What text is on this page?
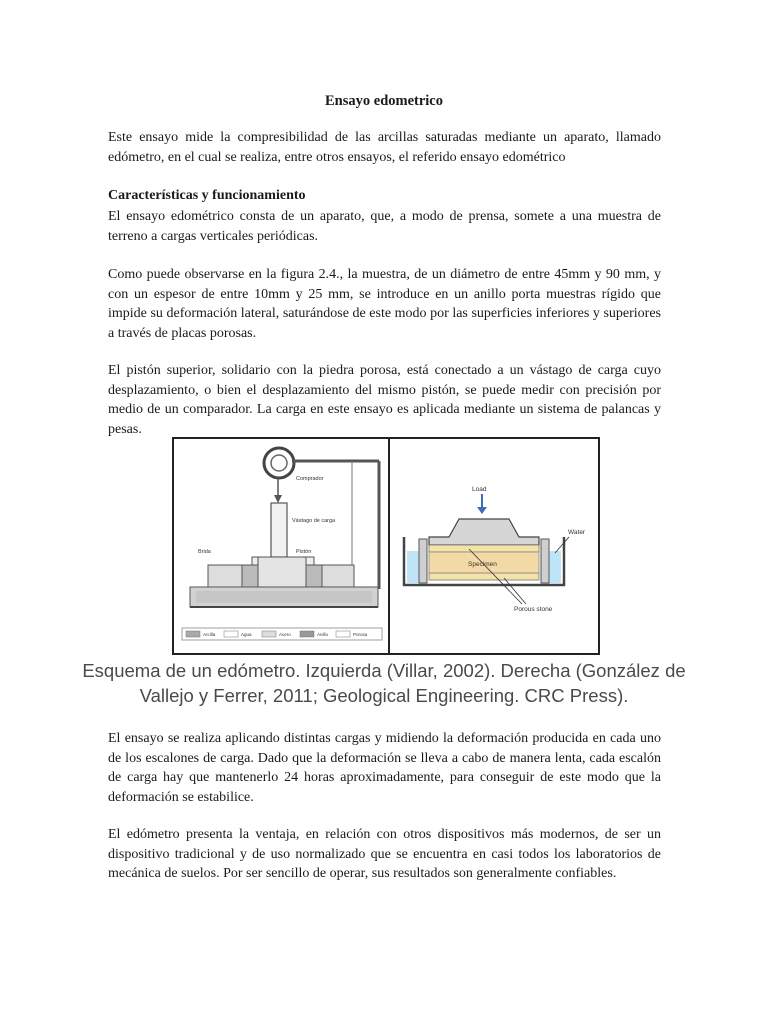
Ensayo edometrico

Este ensayo mide la compresibilidad de las arcillas saturadas mediante un aparato, llamado edómetro, en el cual se realiza, entre otros ensayos, el referido ensayo edométrico

Características y funcionamiento

El ensayo edométrico consta de un aparato, que, a modo de prensa, somete a una muestra de terreno a cargas verticales periódicas.

Como puede observarse en la figura 2.4., la muestra, de un diámetro de entre 45mm y 90 mm, y con un espesor de entre 10mm y 25 mm, se introduce en un anillo porta muestras rígido que impide su deformación lateral, saturándose de este modo por las superficies inferiores y superiores a través de placas porosas.

El pistón superior, solidario con la piedra porosa, está conectado a un vástago de carga cuyo desplazamiento, o bien el desplazamiento del mismo pistón, se puede medir con precisión por medio de un comparador. La carga en este ensayo es aplicada mediante un sistema de palancas y pesas.

Comprador
Vástago de carga
Brida	Pistón
Arcilla	Agua	Acero	Anillo	Porosa
Load
Specimen
Water
Porous stone

Esquema de un edómetro. Izquierda (Villar, 2002). Derecha (González de Vallejo y Ferrer, 2011; Geological Engineering. CRC Press).

El ensayo se realiza aplicando distintas cargas y midiendo la deformación producida en cada uno de los escalones de carga. Dado que la deformación se lleva a cabo de manera lenta, cada escalón de carga hay que mantenerlo 24 horas aproximadamente, para conseguir de este modo que la deformación se estabilice.

El edómetro presenta la ventaja, en relación con otros dispositivos más modernos, de ser un dispositivo tradicional y de uso normalizado que se encuentra en casi todos los laboratorios de mecánica de suelos. Por ser sencillo de operar, sus resultados son generalmente confiables.
